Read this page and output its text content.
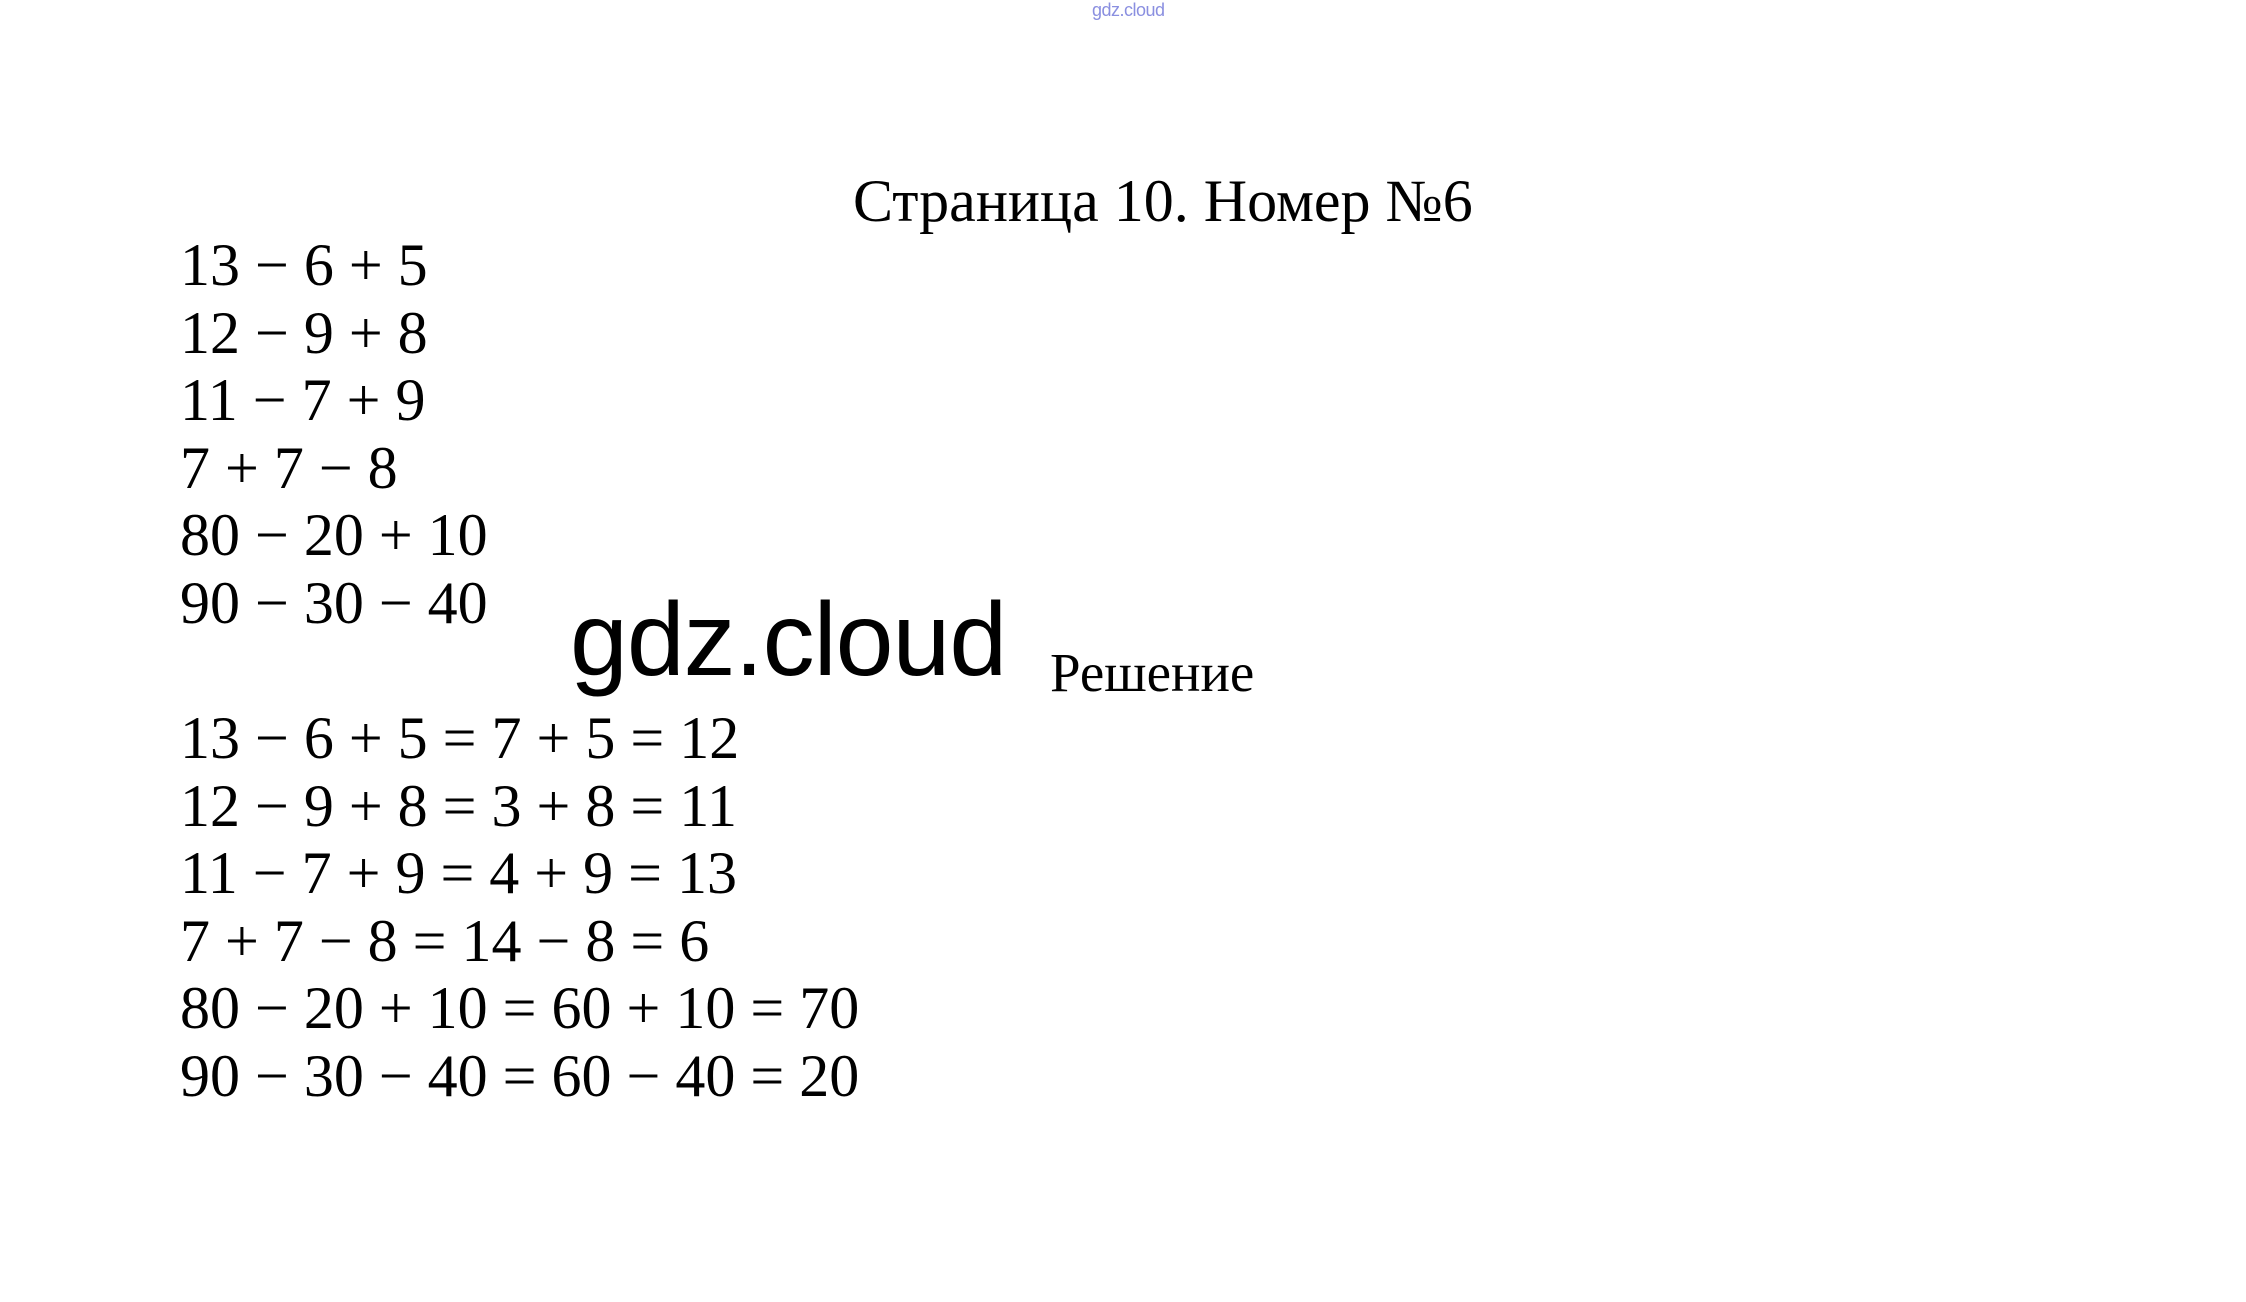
gdz.cloud
Страница 10. Номер №6
13 − 6 + 5
12 − 9 + 8
11 − 7 + 9
7 + 7 − 8
80 − 20 + 10
90 − 30 − 40 gdz.cloud Решение
13 − 6 + 5 = 7 + 5 = 12
12 − 9 + 8 = 3 + 8 = 11
11 − 7 + 9 = 4 + 9 = 13
7 + 7 − 8 = 14 − 8 = 6
80 − 20 + 10 = 60 + 10 = 70
90 − 30 − 40 = 60 − 40 = 20
